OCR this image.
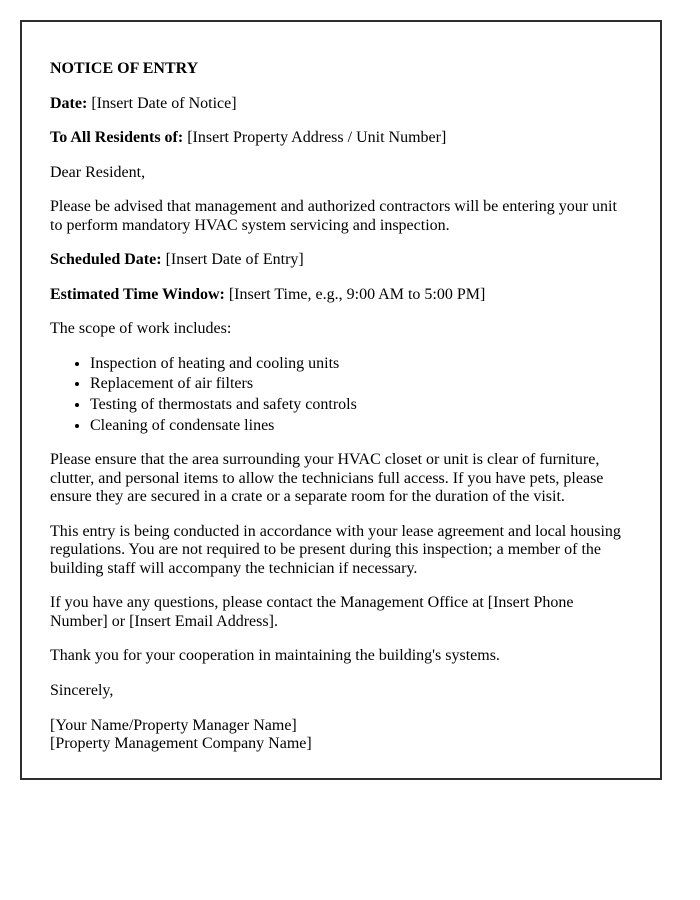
NOTICE OF ENTRY

Date: [Insert Date of Notice]

To All Residents of: [Insert Property Address / Unit Number]

Dear Resident,

Please be advised that management and authorized contractors will be entering your unit to perform mandatory HVAC system servicing and inspection.

Scheduled Date: [Insert Date of Entry]

Estimated Time Window: [Insert Time, e.g., 9:00 AM to 5:00 PM]

The scope of work includes:

• Inspection of heating and cooling units
• Replacement of air filters
• Testing of thermostats and safety controls
• Cleaning of condensate lines

Please ensure that the area surrounding your HVAC closet or unit is clear of furniture, clutter, and personal items to allow the technicians full access. If you have pets, please ensure they are secured in a crate or a separate room for the duration of the visit.

This entry is being conducted in accordance with your lease agreement and local housing regulations. You are not required to be present during this inspection; a member of the building staff will accompany the technician if necessary.

If you have any questions, please contact the Management Office at [Insert Phone Number] or [Insert Email Address].

Thank you for your cooperation in maintaining the building's systems.

Sincerely,

[Your Name/Property Manager Name]
[Property Management Company Name]
